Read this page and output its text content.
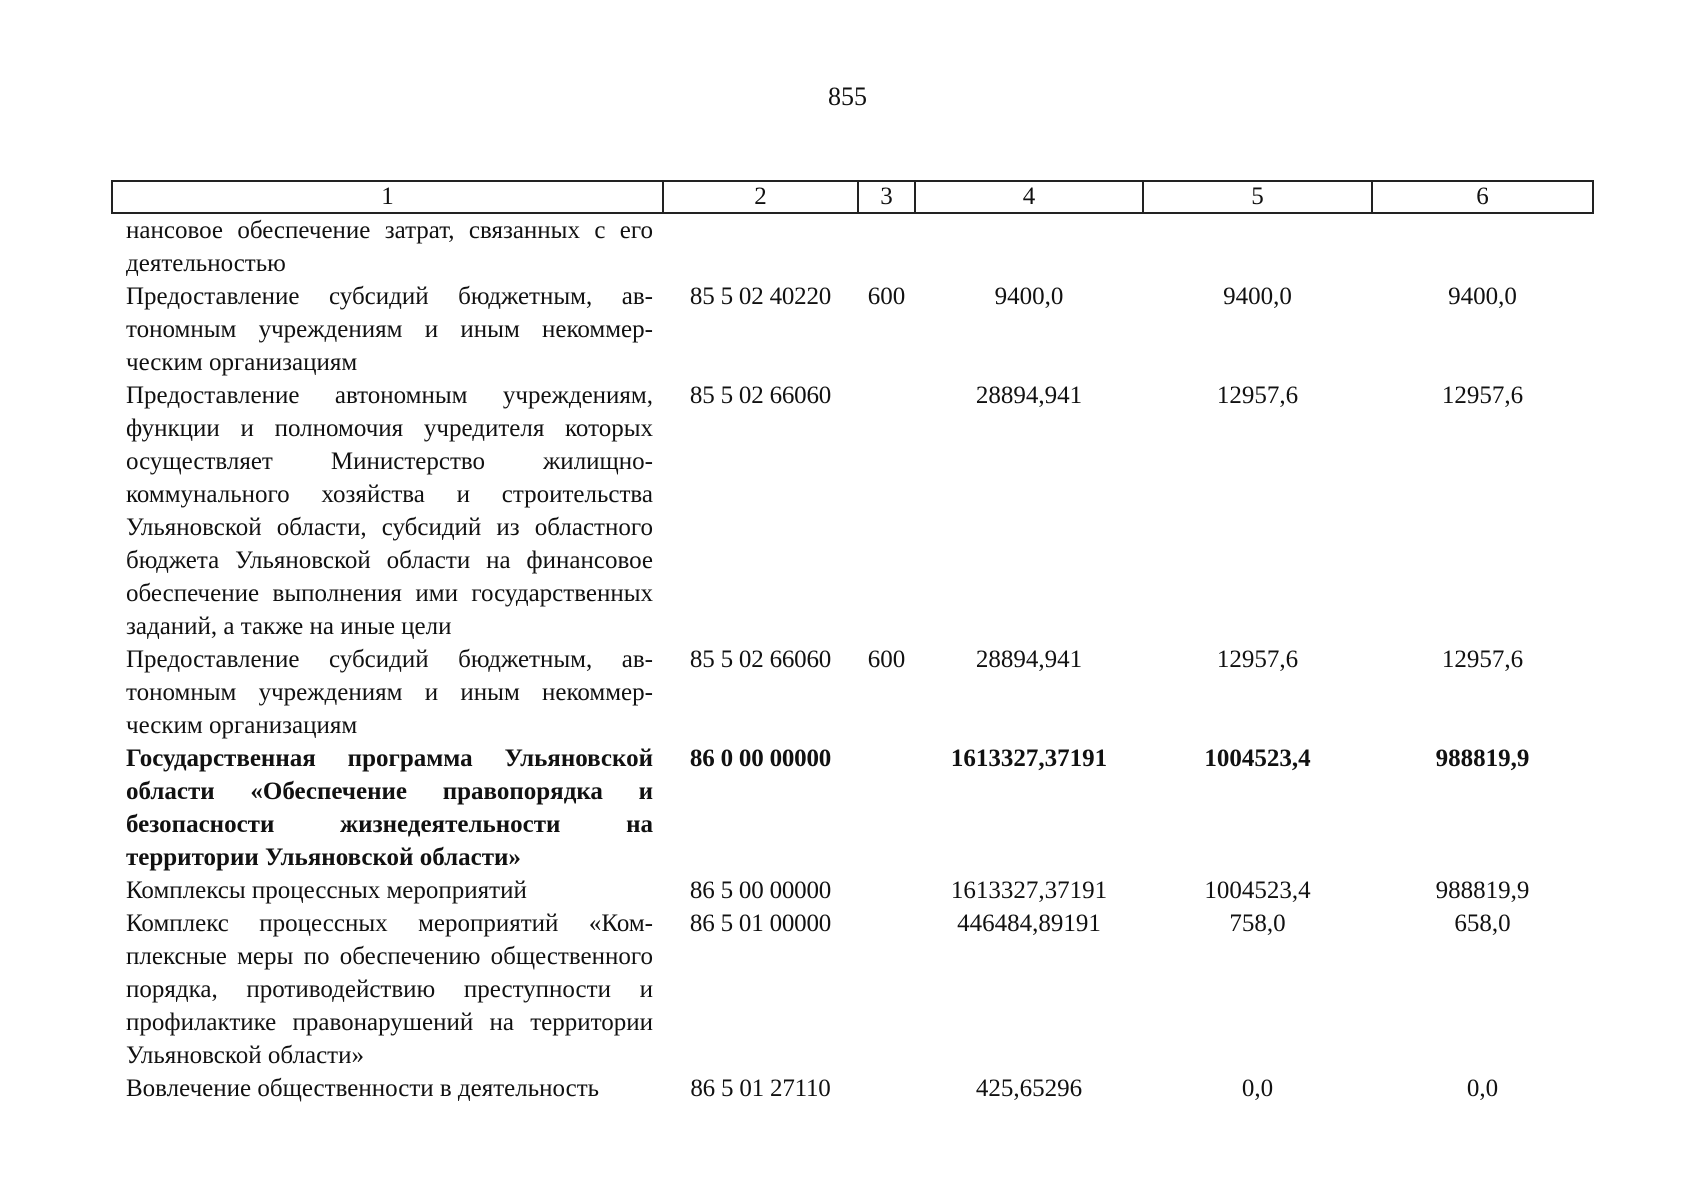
855
1	2	3	4	5	6
нансовое обеспечение затрат, связанных с его деятельностью					
Предоставление субсидий бюджетным, автономным учреждениям и иным некоммерческим организациям	85 5 02 40220	600	9400,0	9400,0	9400,0
Предоставление автономным учреждениям, функции и полномочия учредителя которых осуществляет Министерство жилищно-коммунального хозяйства и строительства Ульяновской области, субсидий из областного бюджета Ульяновской области на финансовое обеспечение выполнения ими государственных заданий, а также на иные цели	85 5 02 66060		28894,941	12957,6	12957,6
Предоставление субсидий бюджетным, автономным учреждениям и иным некоммерческим организациям	85 5 02 66060	600	28894,941	12957,6	12957,6
Государственная программа Ульяновской области «Обеспечение правопорядка и безопасности жизнедеятельности на территории Ульяновской области»	86 0 00 00000		1613327,37191	1004523,4	988819,9
Комплексы процессных мероприятий	86 5 00 00000		1613327,37191	1004523,4	988819,9
Комплекс процессных мероприятий «Комплексные меры по обеспечению общественного порядка, противодействию преступности и профилактике правонарушений на территории Ульяновской области»	86 5 01 00000		446484,89191	758,0	658,0
Вовлечение общественности в деятельность	86 5 01 27110		425,65296	0,0	0,0
